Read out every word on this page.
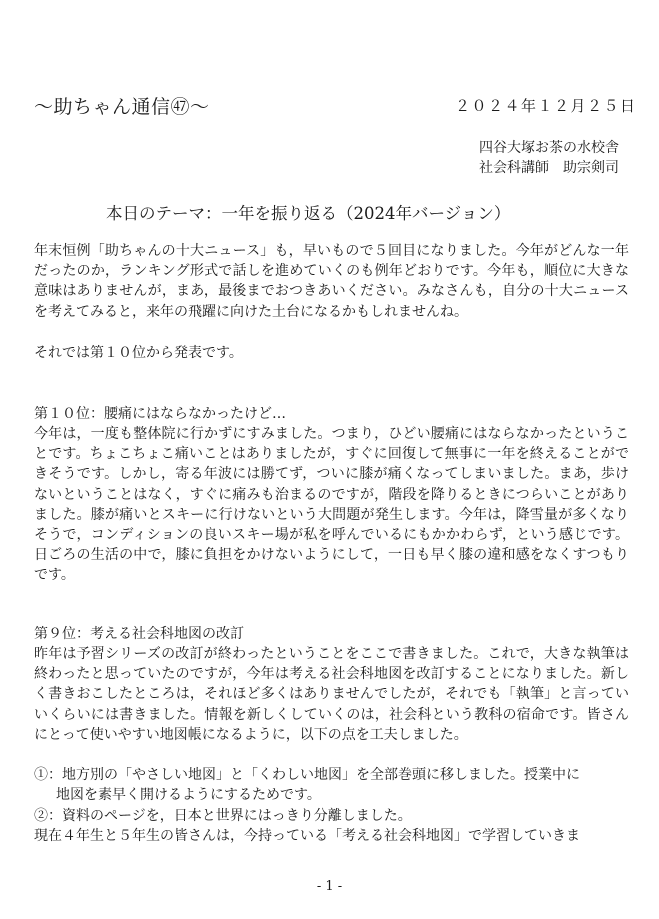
～助ちゃん通信㊼～	２０２４年１２月２５日
四谷大塚お茶の水校舎
社会科講師　助宗剣司
本日のテーマ：一年を振り返る（2024年バージョン）
年末恒例「助ちゃんの十大ニュース」も，早いもので５回目になりました。今年がどんな一年だったのか，ランキング形式で話しを進めていくのも例年どおりです。今年も，順位に大きな意味はありませんが，まあ，最後までおつきあいください。みなさんも，自分の十大ニュースを考えてみると，来年の飛躍に向けた土台になるかもしれませんね。
それでは第１０位から発表です。
第１０位：腰痛にはならなかったけど…
今年は，一度も整体院に行かずにすみました。つまり，ひどい腰痛にはならなかったということです。ちょこちょこ痛いことはありましたが，すぐに回復して無事に一年を終えることができそうです。しかし，寄る年波には勝てず，ついに膝が痛くなってしまいました。まあ，歩けないということはなく，すぐに痛みも治まるのですが，階段を降りるときにつらいことがありました。膝が痛いとスキーに行けないという大問題が発生します。今年は，降雪量が多くなりそうで，コンディションの良いスキー場が私を呼んでいるにもかかわらず，という感じです。日ごろの生活の中で，膝に負担をかけないようにして，一日も早く膝の違和感をなくすつもりです。
第９位：考える社会科地図の改訂
昨年は予習シリーズの改訂が終わったということをここで書きました。これで，大きな執筆は終わったと思っていたのですが，今年は考える社会科地図を改訂することになりました。新しく書きおこしたところは，それほど多くはありませんでしたが，それでも「執筆」と言っていいくらいには書きました。情報を新しくしていくのは，社会科という教科の宿命です。皆さんにとって使いやすい地図帳になるように，以下の点を工夫しました。
①：地方別の「やさしい地図」と「くわしい地図」を全部巻頭に移しました。授業中に
地図を素早く開けるようにするためです。
②：資料のページを，日本と世界にはっきり分離しました。
現在４年生と５年生の皆さんは，今持っている「考える社会科地図」で学習していきま
- 1 -
